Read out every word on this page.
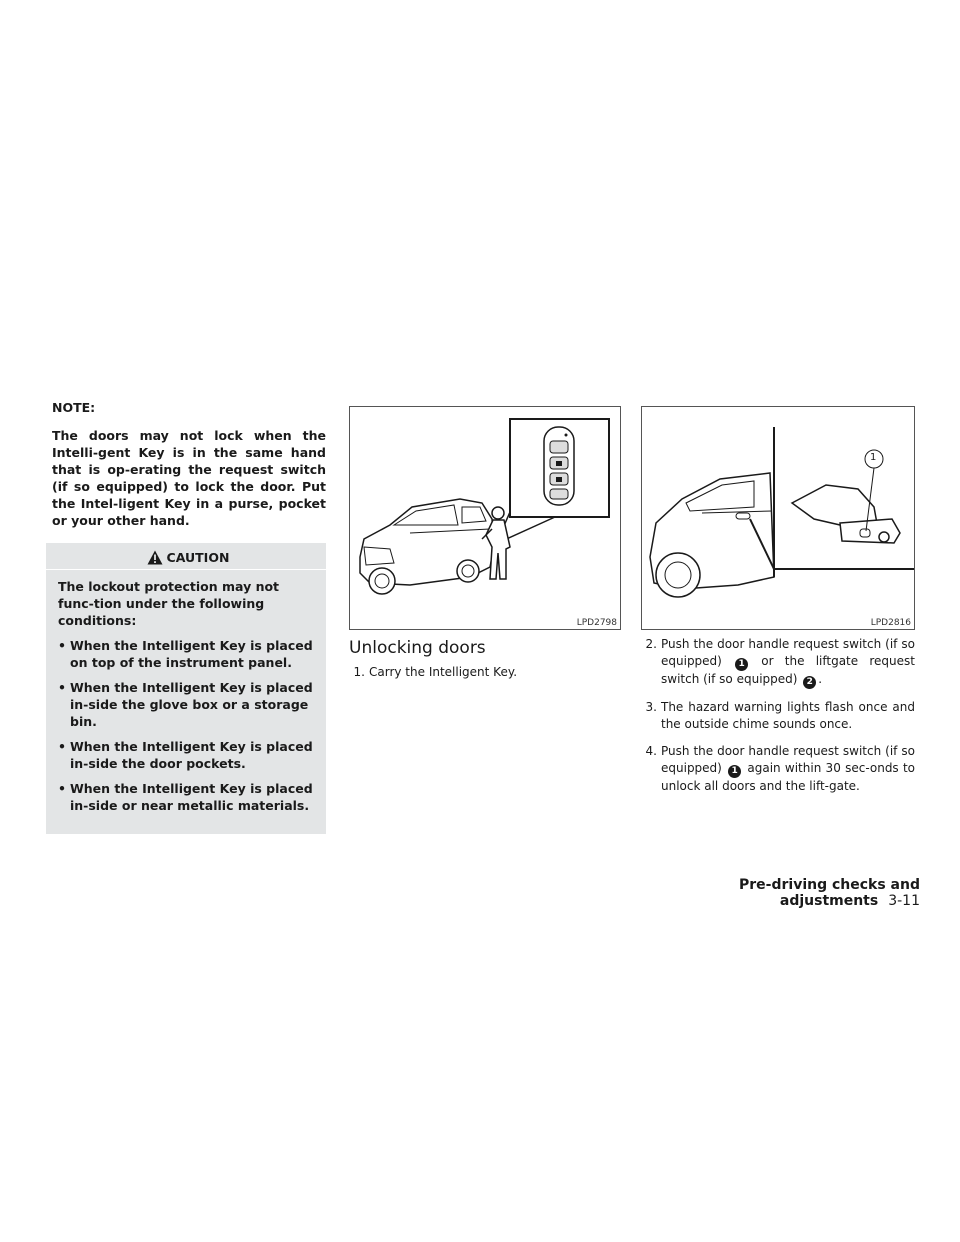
NOTE:

The doors may not lock when the Intelli-gent Key is in the same hand that is op-erating the request switch (if so equipped) to lock the door. Put the Intel-ligent Key in a purse, pocket or your other hand.

CAUTION

The lockout protection may not func-tion under the following conditions:

• When the Intelligent Key is placed on top of the instrument panel.
• When the Intelligent Key is placed in-side the glove box or a storage bin.
• When the Intelligent Key is placed in-side the door pockets.
• When the Intelligent Key is placed in-side or near metallic materials.
LPD2798
Unlocking doors
1. Carry the Intelligent Key.
1
LPD2816
2. Push the door handle request switch (if so equipped) 1 or the liftgate request switch (if so equipped) 2 .
3. The hazard warning lights flash once and the outside chime sounds once.
4. Push the door handle request switch (if so equipped) 1 again within 30 sec-onds to unlock all doors and the lift-gate.
Pre-driving checks and adjustments 3-11
